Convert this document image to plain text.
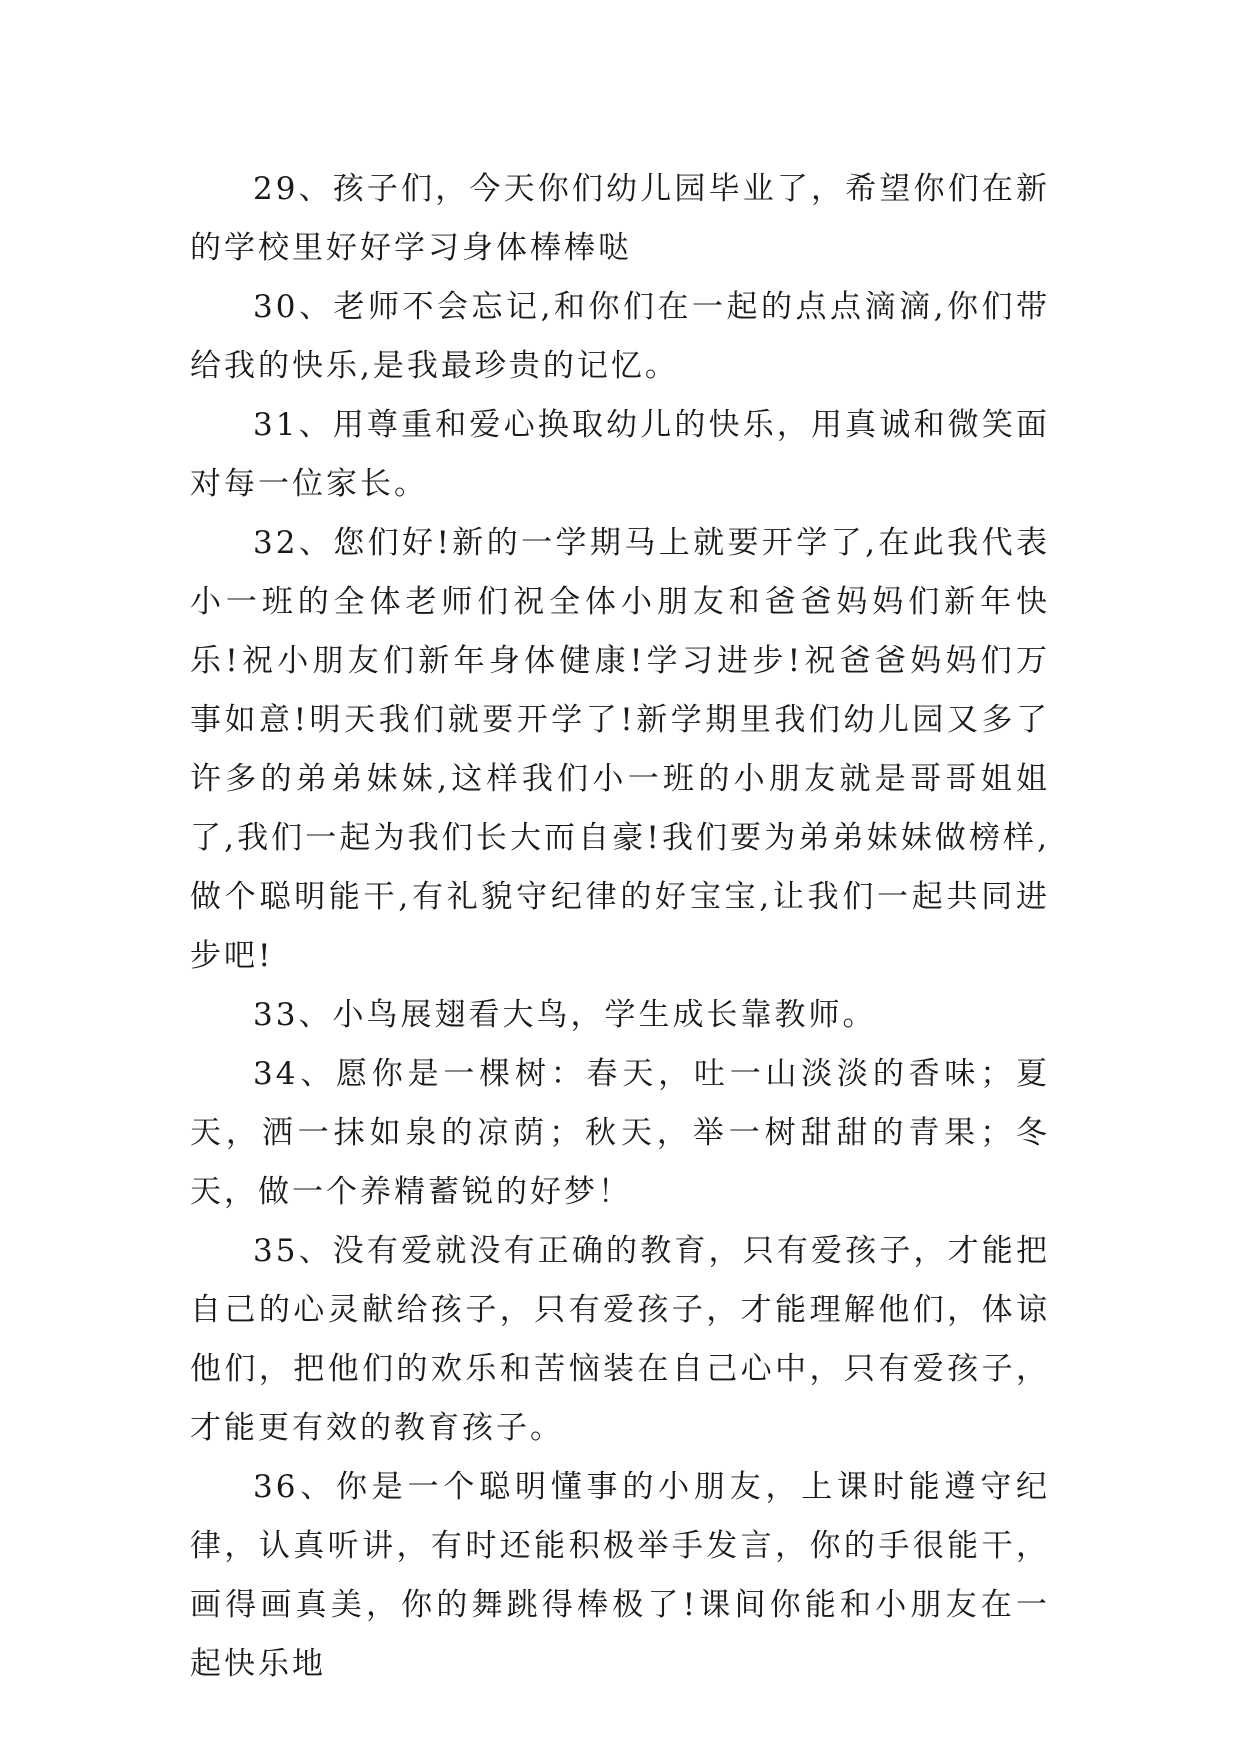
29、孩子们，今天你们幼儿园毕业了，希望你们在新的学校里好好学习身体棒棒哒

30、老师不会忘记,和你们在一起的点点滴滴,你们带给我的快乐,是我最珍贵的记忆。

31、用尊重和爱心换取幼儿的快乐，用真诚和微笑面对每一位家长。

32、您们好!新的一学期马上就要开学了,在此我代表小一班的全体老师们祝全体小朋友和爸爸妈妈们新年快乐!祝小朋友们新年身体健康!学习进步!祝爸爸妈妈们万事如意!明天我们就要开学了!新学期里我们幼儿园又多了许多的弟弟妹妹,这样我们小一班的小朋友就是哥哥姐姐了,我们一起为我们长大而自豪!我们要为弟弟妹妹做榜样,做个聪明能干,有礼貌守纪律的好宝宝,让我们一起共同进步吧!

33、小鸟展翅看大鸟，学生成长靠教师。

34、愿你是一棵树：春天，吐一山淡淡的香味；夏天，洒一抹如泉的凉荫；秋天，举一树甜甜的青果；冬天，做一个养精蓄锐的好梦！

35、没有爱就没有正确的教育，只有爱孩子，才能把自己的心灵献给孩子，只有爱孩子，才能理解他们，体谅他们，把他们的欢乐和苦恼装在自己心中，只有爱孩子，才能更有效的教育孩子。

36、你是一个聪明懂事的小朋友，上课时能遵守纪律，认真听讲，有时还能积极举手发言，你的手很能干，画得画真美，你的舞跳得棒极了!课间你能和小朋友在一起快乐地
